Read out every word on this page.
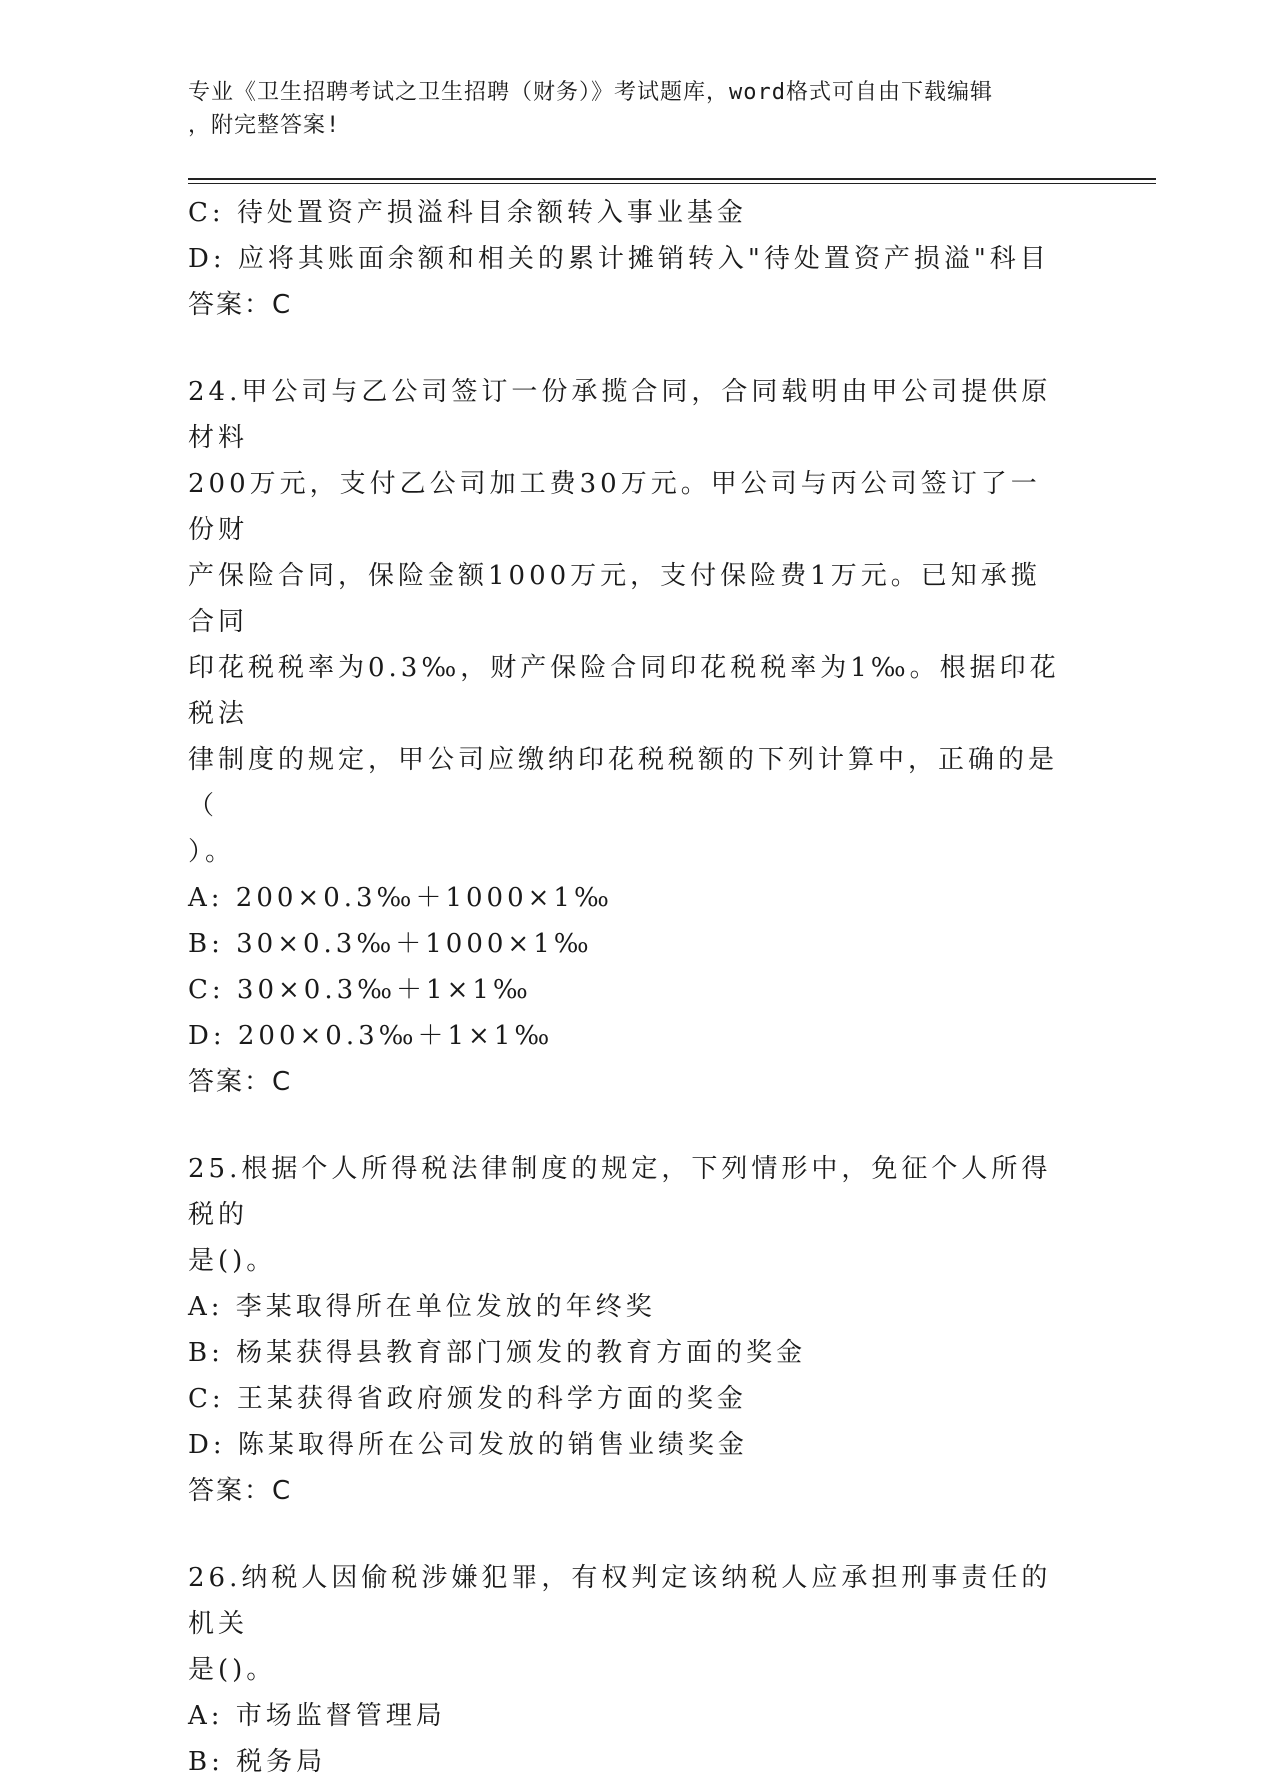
专业《卫生招聘考试之卫生招聘（财务）》考试题库，word格式可自由下载编辑
，附完整答案!
C: 待处置资产损溢科目余额转入事业基金
D: 应将其账面余额和相关的累计摊销转入"待处置资产损溢"科目
答案：C
24.甲公司与乙公司签订一份承揽合同，合同载明由甲公司提供原材料
200万元，支付乙公司加工费30万元。甲公司与丙公司签订了一份财
产保险合同，保险金额1000万元，支付保险费1万元。已知承揽合同
印花税税率为0.3‰，财产保险合同印花税税率为1‰。根据印花税法
律制度的规定，甲公司应缴纳印花税税额的下列计算中，正确的是（
）。
A: 200×0.3‰＋1000×1‰
B: 30×0.3‰＋1000×1‰
C: 30×0.3‰＋1×1‰
D: 200×0.3‰＋1×1‰
答案：C
25.根据个人所得税法律制度的规定，下列情形中，免征个人所得税的
是()。
A: 李某取得所在单位发放的年终奖
B: 杨某获得县教育部门颁发的教育方面的奖金
C: 王某获得省政府颁发的科学方面的奖金
D: 陈某取得所在公司发放的销售业绩奖金
答案：C
26.纳税人因偷税涉嫌犯罪，有权判定该纳税人应承担刑事责任的机关
是()。
A: 市场监督管理局
B: 税务局
